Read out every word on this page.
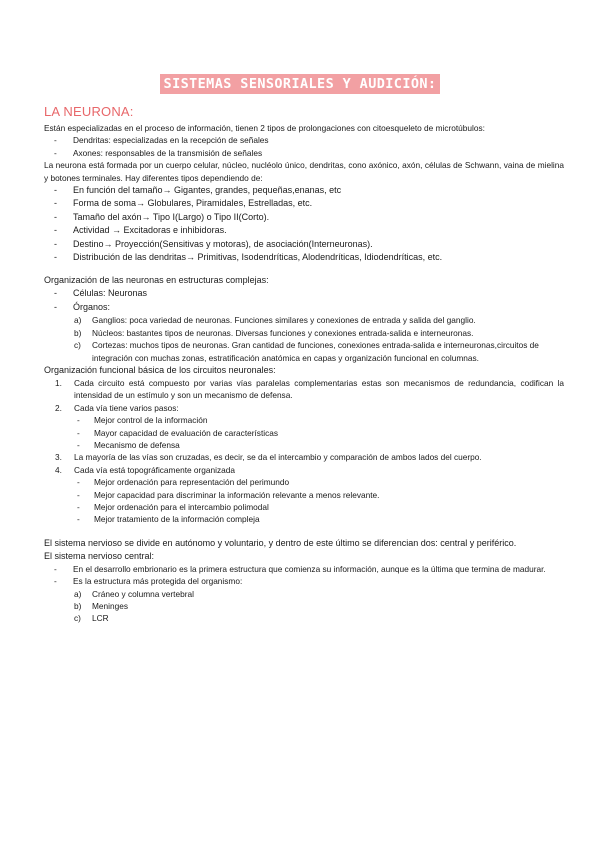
SISTEMAS SENSORIALES Y AUDICIÓN:
LA NEURONA:

Están especializadas en el proceso de información, tienen 2 tipos de prolongaciones con citoesqueleto de microtúbulos:

- Dendritas: especializadas en la recepción de señales
- Axones: responsables de la transmisión de señales

La neurona está formada por un cuerpo celular, núcleo, nucléolo único, dendritas, cono axónico, axón, células de Schwann, vaina de mielina y botones terminales. Hay diferentes tipos dependiendo de:

- En función del tamaño→ Gigantes, grandes, pequeñas,enanas, etc
- Forma de soma→ Globulares, Piramidales, Estrelladas, etc.
- Tamaño del axón→ Tipo I(Largo) o Tipo II(Corto).
- Actividad → Excitadoras e inhibidoras.
- Destino→ Proyección(Sensitivas y motoras), de asociación(Interneuronas).
- Distribución de las dendritas→ Primitivas, Isodendríticas, Alodendríticas, Idiodendríticas, etc.

Organización de las neuronas en estructuras complejas:

- Células: Neuronas
- Órganos:
a) Ganglios: poca variedad de neuronas. Funciones similares y conexiones de entrada y salida del ganglio.
b) Núcleos: bastantes tipos de neuronas. Diversas funciones y conexiones entrada-salida e interneuronas.
c) Cortezas: muchos tipos de neuronas. Gran cantidad de funciones, conexiones entrada-salida e interneuronas,circuitos de integración con muchas zonas, estratificación anatómica en capas y organización funcional en columnas.

Organización funcional básica de los circuitos neuronales:

1. Cada circuito está compuesto por varias vías paralelas complementarias estas son mecanismos de redundancia, codifican la intensidad de un estímulo y son un mecanismo de defensa.
2. Cada vía tiene varios pasos:
- Mejor control de la información
- Mayor capacidad de evaluación de características
- Mecanismo de defensa
3. La mayoría de las vías son cruzadas, es decir, se da el intercambio y comparación de ambos lados del cuerpo.
4. Cada vía está topográficamente organizada
- Mejor ordenación para representación del perimundo
- Mejor capacidad para discriminar la información relevante a menos relevante.
- Mejor ordenación para el intercambio polimodal
- Mejor tratamiento de la información compleja

El sistema nervioso se divide en autónomo y voluntario, y dentro de este último se diferencian dos: central y periférico.

El sistema nervioso central:

- En el desarrollo embrionario es la primera estructura que comienza su información, aunque es la última que termina de madurar.
- Es la estructura más protegida del organismo:
a) Cráneo y columna vertebral
b) Meninges
c) LCR
